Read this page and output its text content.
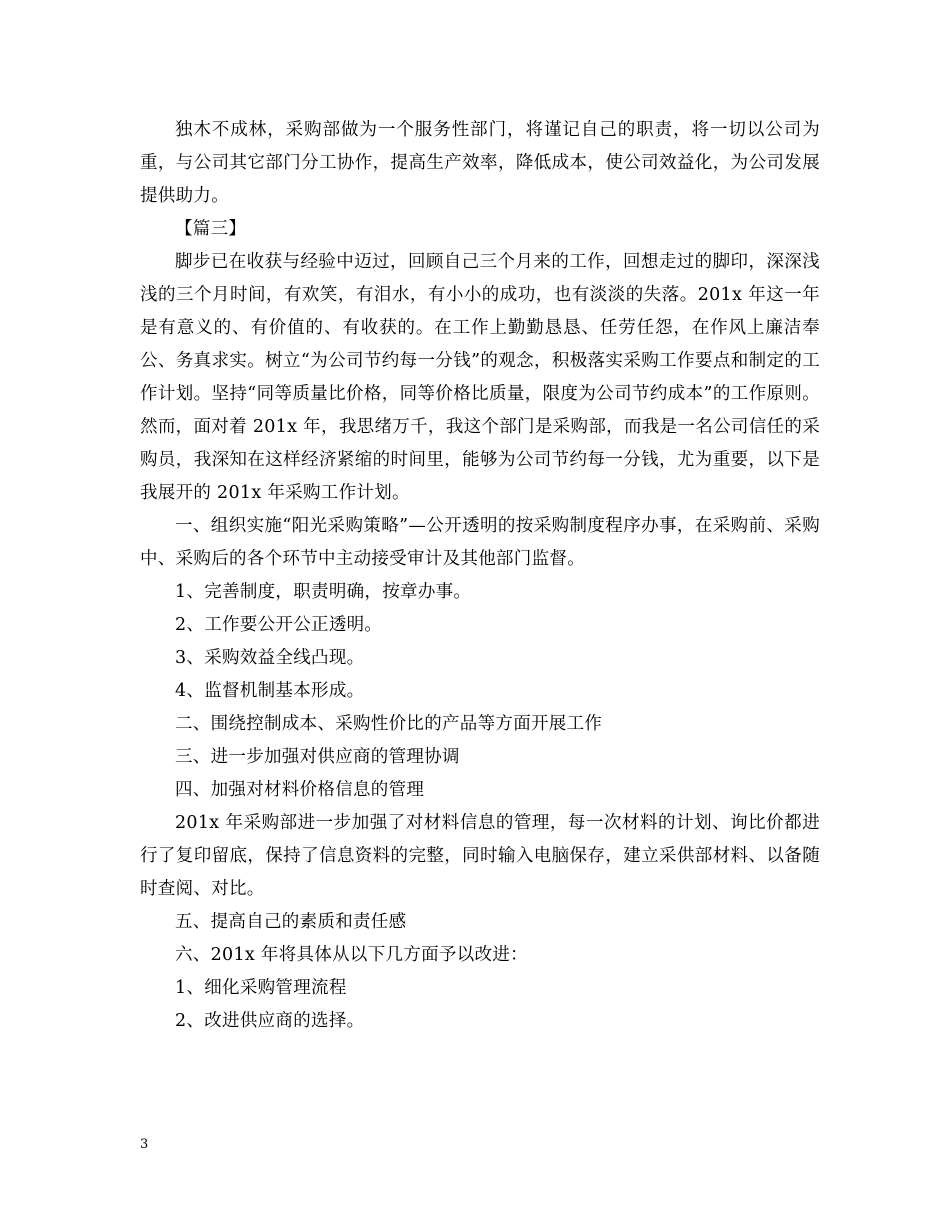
独木不成林，采购部做为一个服务性部门，将谨记自己的职责，将一切以公司为重，与公司其它部门分工协作，提高生产效率，降低成本，使公司效益化，为公司发展提供助力。

【篇三】

脚步已在收获与经验中迈过，回顾自己三个月来的工作，回想走过的脚印，深深浅浅的三个月时间，有欢笑，有泪水，有小小的成功，也有淡淡的失落。201x 年这一年是有意义的、有价值的、有收获的。在工作上勤勤恳恳、任劳任怨，在作风上廉洁奉公、务真求实。树立“为公司节约每一分钱”的观念，积极落实采购工作要点和制定的工作计划。坚持“同等质量比价格，同等价格比质量，限度为公司节约成本”的工作原则。然而，面对着 201x 年，我思绪万千，我这个部门是采购部，而我是一名公司信任的采购员，我深知在这样经济紧缩的时间里，能够为公司节约每一分钱，尤为重要，以下是我展开的 201x 年采购工作计划。

一、组织实施“阳光采购策略”—公开透明的按采购制度程序办事，在采购前、采购中、采购后的各个环节中主动接受审计及其他部门监督。

1、完善制度，职责明确，按章办事。

2、工作要公开公正透明。

3、采购效益全线凸现。

4、监督机制基本形成。

二、围绕控制成本、采购性价比的产品等方面开展工作

三、进一步加强对供应商的管理协调

四、加强对材料价格信息的管理

201x 年采购部进一步加强了对材料信息的管理，每一次材料的计划、询比价都进行了复印留底，保持了信息资料的完整，同时输入电脑保存，建立采供部材料、以备随时查阅、对比。

五、提高自己的素质和责任感

六、201x 年将具体从以下几方面予以改进：

1、细化采购管理流程

2、改进供应商的选择。

3
